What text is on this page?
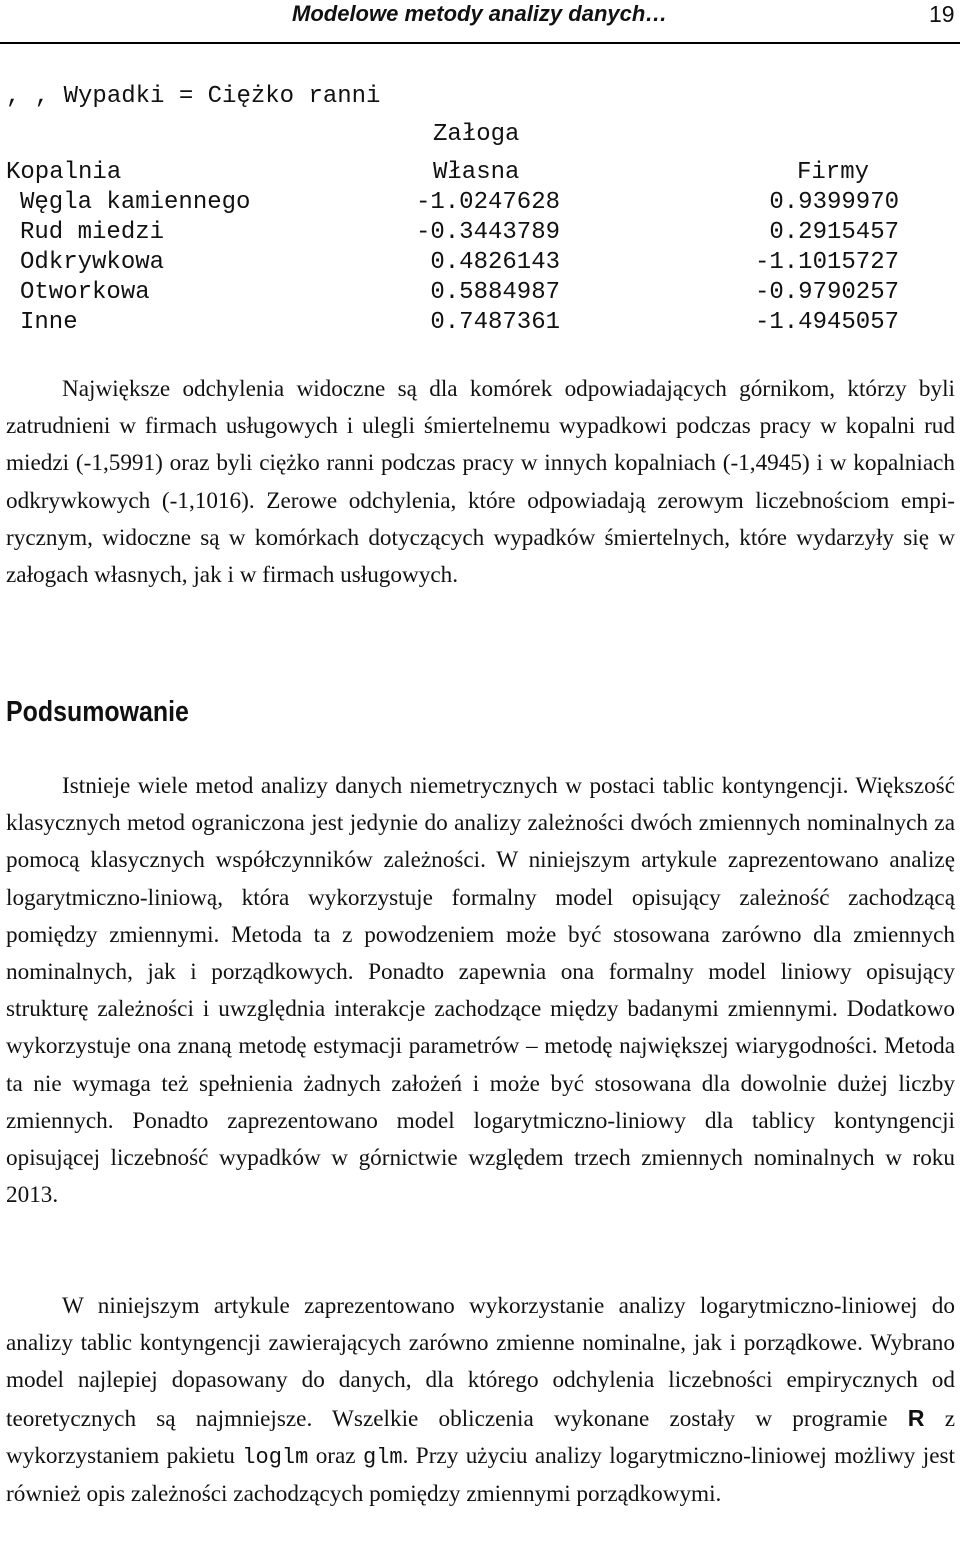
Modelowe metody analizy danych…	19
, , Wypadki = Ciężko ranni
Załoga
Kopalnia	Własna	Firmy
Węgla kamiennego	-1.0247628	0.9399970
Rud miedzi	-0.3443789	0.2915457
Odkrywkowa	0.4826143	-1.1015727
Otworkowa	0.5884987	-0.9790257
Inne	0.7487361	-1.4945057

Największe odchylenia widoczne są dla komórek odpowiadających górnikom, którzy byli zatrudnieni w firmach usługowych i ulegli śmiertelnemu wypadkowi podczas pracy w kopalni rud miedzi (-1,5991) oraz byli ciężko ranni podczas pracy w innych kopalniach (-1,4945) i w kopalniach odkrywkowych (-1,1016). Zerowe odchylenia, które odpowiadają zerowym liczebnościom empirycznym, widoczne są w komórkach dotyczących wypadków śmiertelnych, które wydarzyły się w załogach własnych, jak i w firmach usługowych.

Podsumowanie

Istnieje wiele metod analizy danych niemetrycznych w postaci tablic kontyngencji. Większość klasycznych metod ograniczona jest jedynie do analizy zależności dwóch zmiennych nominalnych za pomocą klasycznych współczynników zależności. W niniejszym artykule zaprezentowano analizę logarytmiczno-liniową, która wykorzystuje formalny model opisujący zależność zachodzącą pomiędzy zmiennymi. Metoda ta z powodzeniem może być stosowana zarówno dla zmiennych nominalnych, jak i porządkowych. Ponadto zapewnia ona formalny model liniowy opisujący strukturę zależności i uwzględnia interakcje zachodzące między badanymi zmiennymi. Dodatkowo wykorzystuje ona znaną metodę estymacji parametrów – metodę największej wiarygodności. Metoda ta nie wymaga też spełnienia żadnych założeń i może być stosowana dla dowolnie dużej liczby zmiennych. Ponadto zaprezentowano model logarytmiczno-liniowy dla tablicy kontyngencji opisującej liczebność wypadków w górnictwie względem trzech zmiennych nominalnych w roku 2013.

W niniejszym artykule zaprezentowano wykorzystanie analizy logarytmiczno-liniowej do analizy tablic kontyngencji zawierających zarówno zmienne nominalne, jak i porządkowe. Wybrano model najlepiej dopasowany do danych, dla którego odchylenia liczebności empirycznych od teoretycznych są najmniejsze. Wszelkie obliczenia wykonane zostały w programie R z wykorzystaniem pakietu loglm oraz glm. Przy użyciu analizy logarytmiczno-liniowej możliwy jest również opis zależności zachodzących pomiędzy zmiennymi porządkowymi.
